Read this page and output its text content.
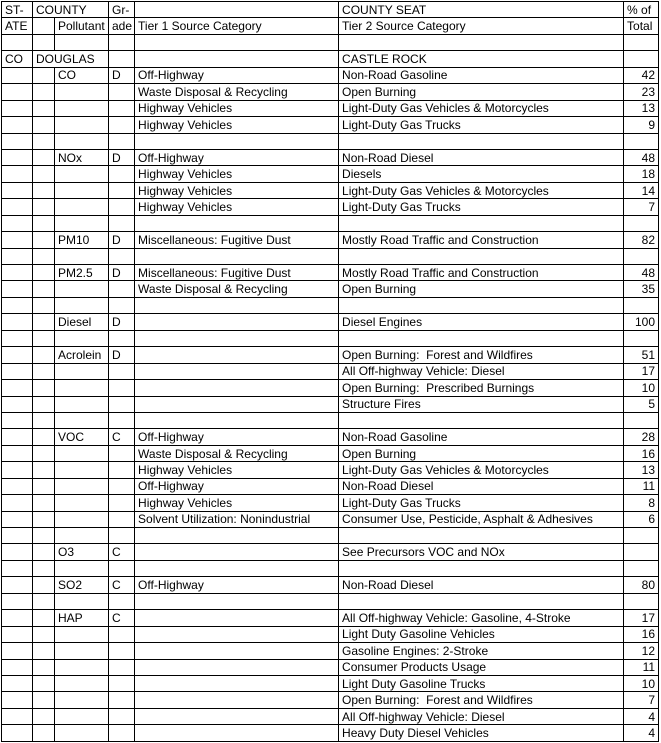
ST-	COUNTY		Gr-		COUNTY SEAT	% of
ATE		Pollutant	ade	Tier 1 Source Category	Tier 2 Source Category	Total

CO	DOUGLAS				CASTLE ROCK	
		CO	D	Off-Highway	Non-Road Gasoline	42
				Waste Disposal & Recycling	Open Burning	23
				Highway Vehicles	Light-Duty Gas Vehicles & Motorcycles	13
				Highway Vehicles	Light-Duty Gas Trucks	9

		NOx	D	Off-Highway	Non-Road Diesel	48
				Highway Vehicles	Diesels	18
				Highway Vehicles	Light-Duty Gas Vehicles & Motorcycles	14
				Highway Vehicles	Light-Duty Gas Trucks	7

		PM10	D	Miscellaneous: Fugitive Dust	Mostly Road Traffic and Construction	82

		PM2.5	D	Miscellaneous: Fugitive Dust	Mostly Road Traffic and Construction	48
				Waste Disposal & Recycling	Open Burning	35

		Diesel	D		Diesel Engines	100

		Acrolein	D		Open Burning:  Forest and Wildfires	51
					All Off-highway Vehicle: Diesel	17
					Open Burning:  Prescribed Burnings	10
					Structure Fires	5

		VOC	C	Off-Highway	Non-Road Gasoline	28
				Waste Disposal & Recycling	Open Burning	16
				Highway Vehicles	Light-Duty Gas Vehicles & Motorcycles	13
				Off-Highway	Non-Road Diesel	11
				Highway Vehicles	Light-Duty Gas Trucks	8
				Solvent Utilization: Nonindustrial	Consumer Use, Pesticide, Asphalt & Adhesives	6

		O3	C		See Precursors VOC and NOx	

		SO2	C	Off-Highway	Non-Road Diesel	80

		HAP	C		All Off-highway Vehicle: Gasoline, 4-Stroke	17
					Light Duty Gasoline Vehicles	16
					Gasoline Engines: 2-Stroke	12
					Consumer Products Usage	11
					Light Duty Gasoline Trucks	10
					Open Burning:  Forest and Wildfires	7
					All Off-highway Vehicle: Diesel	4
					Heavy Duty Diesel Vehicles	4
